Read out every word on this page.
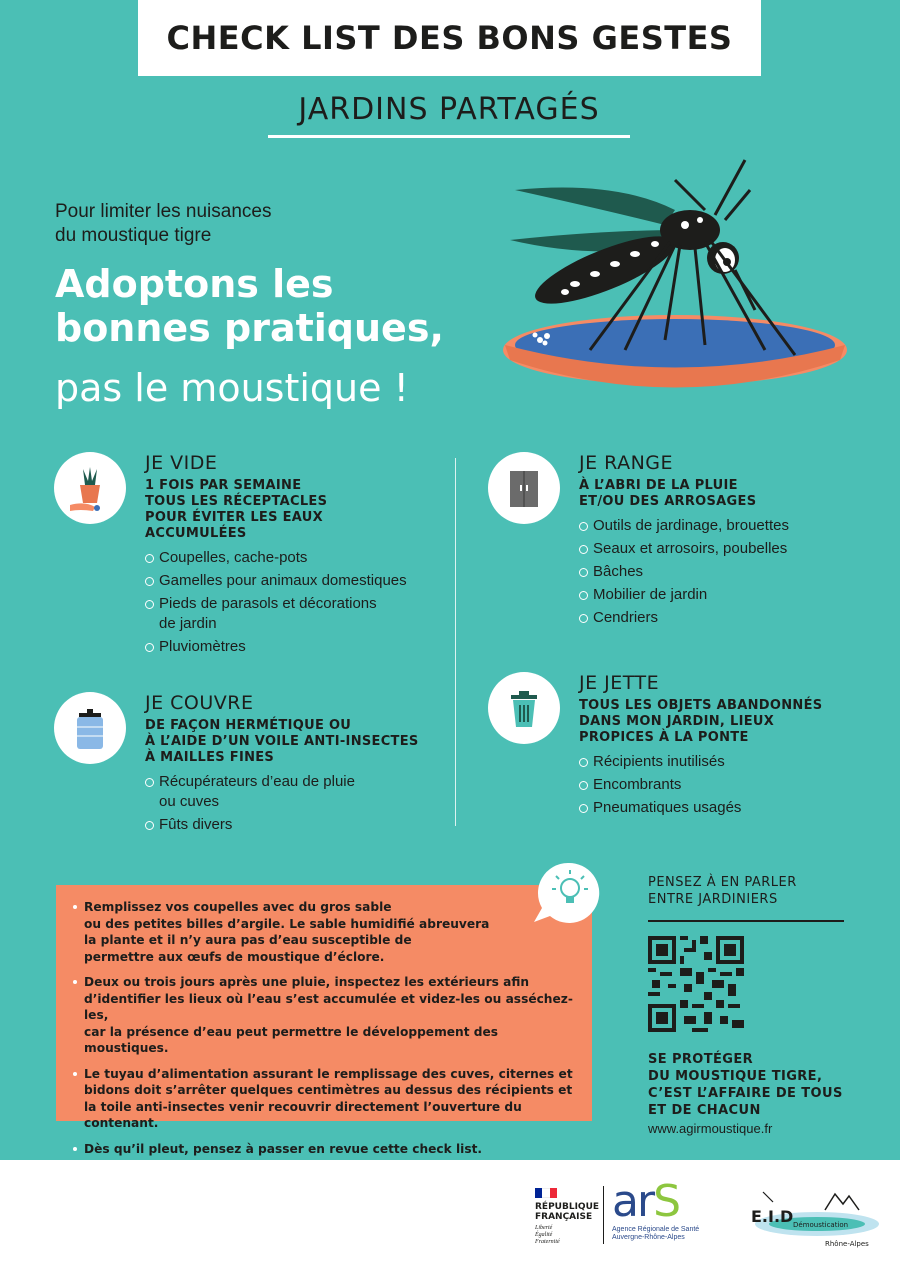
CHECK LIST DES BONS GESTES
JARDINS PARTAGÉS
Pour limiter les nuisances
du moustique tigre
Adoptons les
bonnes pratiques,
pas le moustique !
JE VIDE
1 FOIS PAR SEMAINE
TOUS LES RÉCEPTACLES
POUR ÉVITER LES EAUX
ACCUMULÉES
Coupelles, cache-pots
Gamelles pour animaux domestiques
Pieds de parasols et décorations
de jardin
Pluviomètres
JE COUVRE
DE FAÇON HERMÉTIQUE OU
À L’AIDE D’UN VOILE ANTI-INSECTES
À MAILLES FINES
Récupérateurs d’eau de pluie
ou cuves
Fûts divers
JE RANGE
À L’ABRI DE LA PLUIE
ET/OU DES ARROSAGES
Outils de jardinage, brouettes
Seaux et arrosoirs, poubelles
Bâches
Mobilier de jardin
Cendriers
JE JETTE
TOUS LES OBJETS ABANDONNÉS
DANS MON JARDIN, LIEUX
PROPICES À LA PONTE
Récipients inutilisés
Encombrants
Pneumatiques usagés
Remplissez vos coupelles avec du gros sable
ou des petites billes d’argile. Le sable humidifié abreuvera
la plante et il n’y aura pas d’eau susceptible de
permettre aux œufs de moustique d’éclore.
Deux ou trois jours après une pluie, inspectez les extérieurs afin
d’identifier les lieux où l’eau s’est accumulée et videz-les ou asséchez-les,
car la présence d’eau peut permettre le développement des moustiques.
Le tuyau d’alimentation assurant le remplissage des cuves, citernes et
bidons doit s’arrêter quelques centimètres au dessus des récipients et
la toile anti-insectes venir recouvrir directement l’ouverture du contenant.
Dès qu’il pleut, pensez à passer en revue cette check list.
PENSEZ À EN PARLER
ENTRE JARDINIERS
SE PROTÉGER
DU MOUSTIQUE TIGRE,
C’EST L’AFFAIRE DE TOUS
ET DE CHACUN
www.agirmoustique.fr
RÉPUBLIQUE
FRANÇAISE
Liberté
Égalité
Fraternité
arS
Agence Régionale de Santé
Auvergne-Rhône-Alpes
E.I.D Démoustication
Rhône-Alpes
